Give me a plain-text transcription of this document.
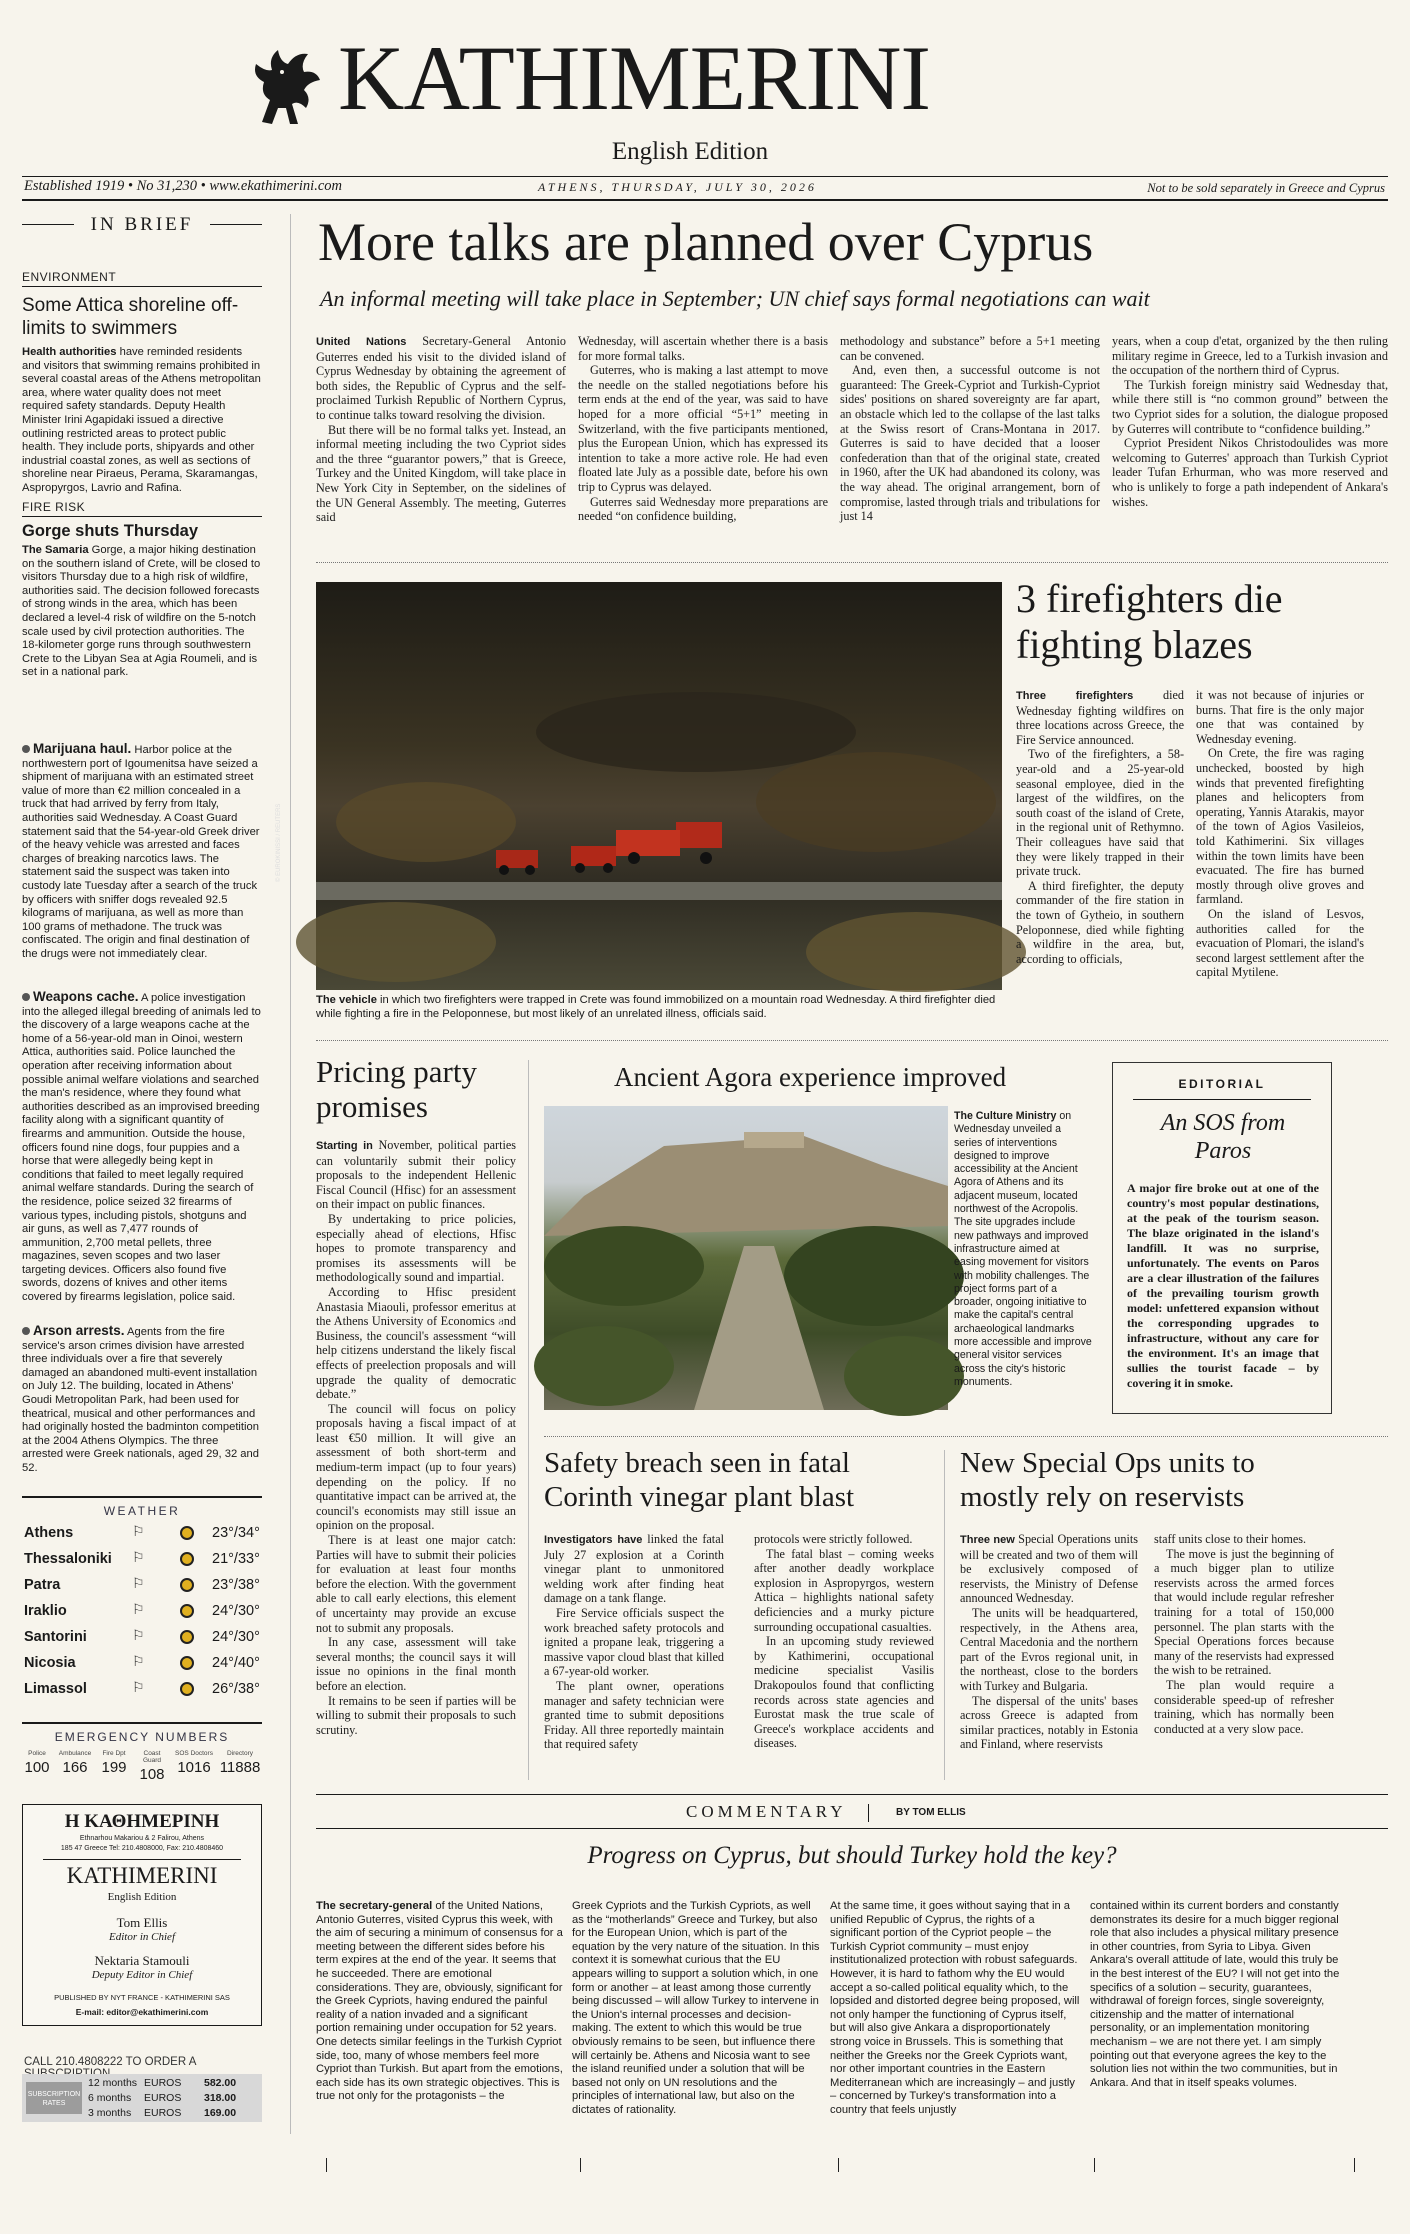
KATHIMERINI
English Edition
Established 1919 • No 31,230 • www.ekathimerini.com	ATHENS, THURSDAY, JULY 30, 2026	Not to be sold separately in Greece and Cyprus
IN BRIEF
ENVIRONMENT
Some Attica shoreline off-limits to swimmers
Health authorities have reminded residents and visitors that swimming remains prohibited in several coastal areas of the Athens metropolitan area, where water quality does not meet required safety standards. Deputy Health Minister Irini Agapidaki issued a directive outlining restricted areas to protect public health. They include ports, shipyards and other industrial coastal zones, as well as sections of shoreline near Piraeus, Perama, Skaramangas, Aspropyrgos, Lavrio and Rafina.
FIRE RISK
Gorge shuts Thursday
The Samaria Gorge, a major hiking destination on the southern island of Crete, will be closed to visitors Thursday due to a high risk of wildfire, authorities said. The decision followed forecasts of strong winds in the area, which has been declared a level-4 risk of wildfire on the 5-notch scale used by civil protection authorities. The 18-kilometer gorge runs through southwestern Crete to the Libyan Sea at Agia Roumeli, and is set in a national park.
Marijuana haul. Harbor police at the northwestern port of Igoumenitsa have seized a shipment of marijuana with an estimated street value of more than €2 million concealed in a truck that had arrived by ferry from Italy, authorities said Wednesday. A Coast Guard statement said that the 54-year-old Greek driver of the heavy vehicle was arrested and faces charges of breaking narcotics laws. The statement said the suspect was taken into custody late Tuesday after a search of the truck by officers with sniffer dogs revealed 92.5 kilograms of marijuana, as well as more than 100 grams of methadone. The truck was confiscated. The origin and final destination of the drugs were not immediately clear.
Weapons cache. A police investigation into the alleged illegal breeding of animals led to the discovery of a large weapons cache at the home of a 56-year-old man in Oinoi, western Attica, authorities said. Police launched the operation after receiving information about possible animal welfare violations and searched the man's residence, where they found what authorities described as an improvised breeding facility along with a significant quantity of firearms and ammunition. Outside the house, officers found nine dogs, four puppies and a horse that were allegedly being kept in conditions that failed to meet legally required animal welfare standards. During the search of the residence, police seized 32 firearms of various types, including pistols, shotguns and air guns, as well as 7,477 rounds of ammunition, 2,700 metal pellets, three magazines, seven scopes and two laser targeting devices. Officers also found five swords, dozens of knives and other items covered by firearms legislation, police said.
Arson arrests. Agents from the fire service's arson crimes division have arrested three individuals over a fire that severely damaged an abandoned multi-event installation on July 12. The building, located in Athens' Goudi Metropolitan Park, had been used for theatrical, musical and other performances and had originally hosted the badminton competition at the 2004 Athens Olympics. The three arrested were Greek nationals, aged 29, 32 and 52.
WEATHER
Athens	⚐	23°/34°
Thessaloniki ⚐	21°/33°
Patra	⚐	23°/38°
Iraklio	⚐	24°/30°
Santorini	⚐	24°/30°
Nicosia	⚐	24°/40°
Limassol	⚐	26°/38°
EMERGENCY NUMBERS
Police
100
Ambulance
166
Fire Dpt
199
Coast Guard
108
SOS Doctors
1016
Directory
11888
Η ΚΑΘΗΜΕΡΙΝΗ
Ethnarhou Makariou & 2 Falirou, Athens
185 47 Greece Tel: 210.4808000, Fax: 210.4808460
KATHIMERINI
English Edition
Tom Ellis
Editor in Chief
Nektaria Stamouli
Deputy Editor in Chief
PUBLISHED BY NYT FRANCE - KATHIMERINI SAS
E-mail: editor@ekathimerini.com
CALL 210.4808222 TO ORDER A
SUBSCRIPTION RATES
12 months EUROS 582.00
6 months EUROS 318.00
3 months EUROS 169.00
More talks are planned over Cyprus
An informal meeting will take place in September; UN chief says formal negotiations can wait

United Nations Secretary-General Antonio Guterres ended his visit to the divided island of Cyprus Wednesday by obtaining the agreement of both sides, the Republic of Cyprus and the self-proclaimed Turkish Republic of Northern Cyprus, to continue talks toward resolving the division.

But there will be no formal talks yet. Instead, an informal meeting including the two Cypriot sides and the three “guarantor powers,” that is Greece, Turkey and the United Kingdom, will take place in New York City in September, on the sidelines of the UN General Assembly. The meeting, Guterres said

Wednesday, will ascertain whether there is a basis for more formal talks.

Guterres, who is making a last attempt to move the needle on the stalled negotiations before his term ends at the end of the year, was said to have hoped for a more official “5+1” meeting in Switzerland, with the five participants mentioned, plus the European Union, which has expressed its intention to take a more active role. He had even floated late July as a possible date, before his own trip to Cyprus was delayed.

Guterres said Wednesday more preparations are needed “on confidence building,

methodology and substance” before a 5+1 meeting can be convened.

And, even then, a successful outcome is not guaranteed: The Greek-Cypriot and Turkish-Cypriot sides' positions on shared sovereignty are far apart, an obstacle which led to the collapse of the last talks at the Swiss resort of Crans-Montana in 2017. Guterres is said to have decided that a looser confederation than that of the original state, created in 1960, after the UK had abandoned its colony, was the way ahead. The original arrangement, born of compromise, lasted through trials and tribulations for just 14

years, when a coup d'etat, organized by the then ruling military regime in Greece, led to a Turkish invasion and the occupation of the northern third of Cyprus.

The Turkish foreign ministry said Wednesday that, while there still is “no common ground” between the two Cypriot sides for a solution, the dialogue proposed by Guterres will contribute to “confidence building.”

Cypriot President Nikos Christodoulides was more welcoming to Guterres' approach than Turkish Cypriot leader Tufan Erhurman, who was more reserved and who is unlikely to forge a path independent of Ankara's wishes.

© EUROKINISSI / REUTERS
The vehicle in which two firefighters were trapped in Crete was found immobilized on a mountain road Wednesday. A third firefighter died while fighting a fire in the Peloponnese, but most likely of an unrelated illness, officials said.
3 firefighters die fighting blazes

Three firefighters died Wednesday fighting wildfires on three locations across Greece, the Fire Service announced.

Two of the firefighters, a 58-year-old and a 25-year-old seasonal employee, died in the largest of the wildfires, on the south coast of the island of Crete, in the regional unit of Rethymno. Their colleagues have said that they were likely trapped in their private truck.

A third firefighter, the deputy commander of the fire station in the town of Gytheio, in southern Peloponnese, died while fighting a wildfire in the area, but, according to officials,

it was not because of injuries or burns. That fire is the only major one that was contained by Wednesday evening.

On Crete, the fire was raging unchecked, boosted by high winds that prevented firefighting planes and helicopters from operating, Yannis Atarakis, mayor of the town of Agios Vasileios, told Kathimerini. Six villages within the town limits have been evacuated. The fire has burned mostly through olive groves and farmland.

On the island of Lesvos, authorities called for the evacuation of Plomari, the island's second largest settlement after the capital Mytilene.

Pricing party promises

Starting in November, political parties can voluntarily submit their policy proposals to the independent Hellenic Fiscal Council (Hfisc) for an assessment on their impact on public finances.

By undertaking to price policies, especially ahead of elections, Hfisc hopes to promote transparency and promises its assessments will be methodologically sound and impartial.

According to Hfisc president Anastasia Miaouli, professor emeritus at the Athens University of Economics and Business, the council's assessment “will help citizens understand the likely fiscal effects of preelection proposals and will upgrade the quality of democratic debate.”

The council will focus on policy proposals having a fiscal impact of at least €50 million. It will give an assessment of both short-term and medium-term impact (up to four years) depending on the policy. If no quantitative impact can be arrived at, the council's economists may still issue an opinion on the proposal.

There is at least one major catch: Parties will have to submit their policies for evaluation at least four months before the election. With the government able to call early elections, this element of uncertainty may provide an excuse not to submit any proposals.

In any case, assessment will take several months; the council says it will issue no opinions in the final month before an election.

It remains to be seen if parties will be willing to submit their proposals to such scrutiny.

Ancient Agora experience improved
© ATHENS / EUROKINISSI
The Culture Ministry on Wednesday unveiled a series of interventions designed to improve accessibility at the Ancient Agora of Athens and its adjacent museum, located northwest of the Acropolis. The site upgrades include new pathways and improved infrastructure aimed at easing movement for visitors with mobility challenges. The project forms part of a broader, ongoing initiative to make the capital's central archaeological landmarks more accessible and improve general visitor services across the city's historic monuments.
EDITORIAL
An SOS from Paros
A major fire broke out at one of the country's most popular destinations, at the peak of the tourism season. The blaze originated in the island's landfill. It was no surprise, unfortunately. The events on Paros are a clear illustration of the failures of the prevailing tourism growth model: unfettered expansion without the corresponding upgrades to infrastructure, without any care for the environment. It's an image that sullies the tourist facade – by covering it in smoke.
Safety breach seen in fatal Corinth vinegar plant blast

Investigators have linked the fatal July 27 explosion at a Corinth vinegar plant to unmonitored welding work after finding heat damage on a tank flange.

Fire Service officials suspect the work breached safety protocols and ignited a propane leak, triggering a massive vapor cloud blast that killed a 67-year-old worker.

The plant owner, operations manager and safety technician were granted time to submit depositions Friday. All three reportedly maintain that required safety

protocols were strictly followed.

The fatal blast – coming weeks after another deadly workplace explosion in Aspropyrgos, western Attica – highlights national safety deficiencies and a murky picture surrounding occupational casualties.

In an upcoming study reviewed by Kathimerini, occupational medicine specialist Vasilis Drakopoulos found that conflicting records across state agencies and Eurostat mask the true scale of Greece's workplace accidents and diseases.

New Special Ops units to mostly rely on reservists

Three new Special Operations units will be created and two of them will be exclusively composed of reservists, the Ministry of Defense announced Wednesday.

The units will be headquartered, respectively, in the Athens area, Central Macedonia and the northern part of the Evros regional unit, in the northeast, close to the borders with Turkey and Bulgaria.

The dispersal of the units' bases across Greece is adapted from similar practices, notably in Estonia and Finland, where reservists

staff units close to their homes.

The move is just the beginning of a much bigger plan to utilize reservists across the armed forces that would include regular refresher training for a total of 150,000 personnel. The plan starts with the Special Operations forces because many of the reservists had expressed the wish to be retrained.

The plan would require a considerable speed-up of refresher training, which has normally been conducted at a very slow pace.

COMMENTARY	BY TOM ELLIS
Progress on Cyprus, but should Turkey hold the key?
The secretary-general of the United Nations, Antonio Guterres, visited Cyprus this week, with the aim of securing a minimum of consensus for a meeting between the different sides before his term expires at the end of the year. It seems that he succeeded. There are emotional considerations. They are, obviously, significant for the Greek Cypriots, having endured the painful reality of a nation invaded and a significant portion remaining under occupation for 52 years. One detects similar feelings in the Turkish Cypriot side, too, many of whose members feel more Cypriot than Turkish. But apart from the emotions, each side has its own strategic objectives. This is true not only for the protagonists – the
Greek Cypriots and the Turkish Cypriots, as well as the “motherlands” Greece and Turkey, but also for the European Union, which is part of the equation by the very nature of the situation. In this context it is somewhat curious that the EU appears willing to support a solution which, in one form or another – at least among those currently being discussed – will allow Turkey to intervene in the Union's internal processes and decision-making. The extent to which this would be true obviously remains to be seen, but influence there will certainly be. Athens and Nicosia want to see the island reunified under a solution that will be based not only on UN resolutions and the principles of international law, but also on the dictates of rationality.
At the same time, it goes without saying that in a unified Republic of Cyprus, the rights of a significant portion of the Cypriot people – the Turkish Cypriot community – must enjoy institutionalized protection with robust safeguards. However, it is hard to fathom why the EU would accept a so-called political equality which, to the lopsided and distorted degree being proposed, will not only hamper the functioning of Cyprus itself, but will also give Ankara a disproportionately strong voice in Brussels. This is something that neither the Greeks nor the Greek Cypriots want, nor other important countries in the Eastern Mediterranean which are increasingly – and justly – concerned by Turkey's transformation into a country that feels unjustly
contained within its current borders and constantly demonstrates its desire for a much bigger regional role that also includes a physical military presence in other countries, from Syria to Libya. Given Ankara's overall attitude of late, would this truly be in the best interest of the EU? I will not get into the specifics of a solution – security, guarantees, withdrawal of foreign forces, single sovereignty, citizenship and the matter of international personality, or an implementation monitoring mechanism – we are not there yet. I am simply pointing out that everyone agrees the key to the solution lies not within the two communities, but in Ankara. And that in itself speaks volumes.
